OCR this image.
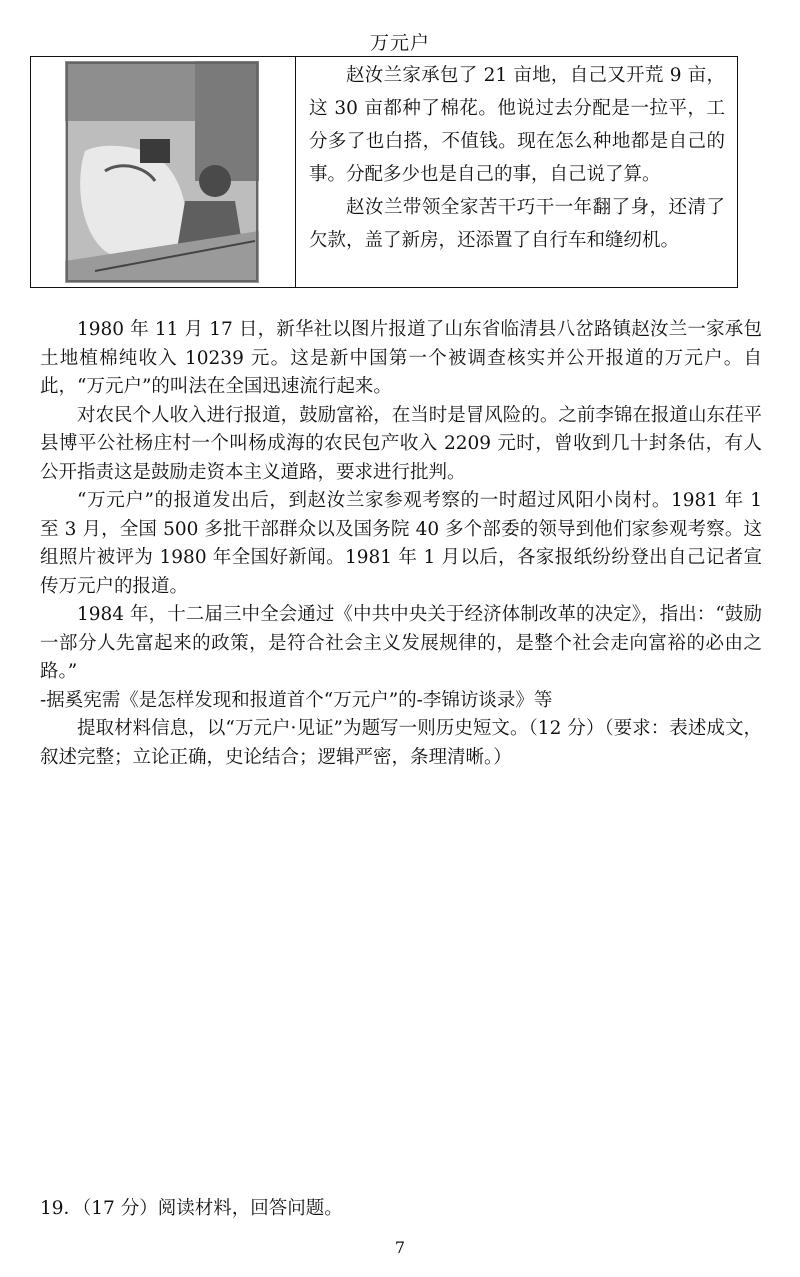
万元户

赵汝兰家承包了 21 亩地，自己又开荒 9 亩，这 30 亩都种了棉花。他说过去分配是一拉平，工分多了也白搭，不值钱。现在怎么种地都是自己的事。分配多少也是自己的事，自己说了算。

赵汝兰带领全家苦干巧干一年翻了身，还清了欠款，盖了新房，还添置了自行车和缝纫机。

1980 年 11 月 17 日，新华社以图片报道了山东省临清县八岔路镇赵汝兰一家承包土地植棉纯收入 10239 元。这是新中国第一个被调查核实并公开报道的万元户。自此，“万元户”的叫法在全国迅速流行起来。

对农民个人收入进行报道，鼓励富裕，在当时是冒风险的。之前李锦在报道山东茌平县博平公社杨庄村一个叫杨成海的农民包产收入 2209 元时，曾收到几十封条估，有人公开指责这是鼓励走资本主义道路，要求进行批判。

“万元户”的报道发出后，到赵汝兰家参观考察的一时超过风阳小岗村。1981 年 1 至 3 月，全国 500 多批干部群众以及国务院 40 多个部委的领导到他们家参观考察。这组照片被评为 1980 年全国好新闻。1981 年 1 月以后，各家报纸纷纷登出自己记者宣传万元户的报道。

1984 年，十二届三中全会通过《中共中央关于经济体制改革的决定》，指出：“鼓励一部分人先富起来的政策，是符合社会主义发展规律的，是整个社会走向富裕的必由之路。”

-据奚宪需《是怎样发现和报道首个“万元户”的-李锦访谈录》等

提取材料信息，以“万元户·见证”为题写一则历史短文。（12 分）（要求：表述成文，叙述完整；立论正确，史论结合；逻辑严密，条理清晰。）

19．（17 分）阅读材料，回答问题。
7
